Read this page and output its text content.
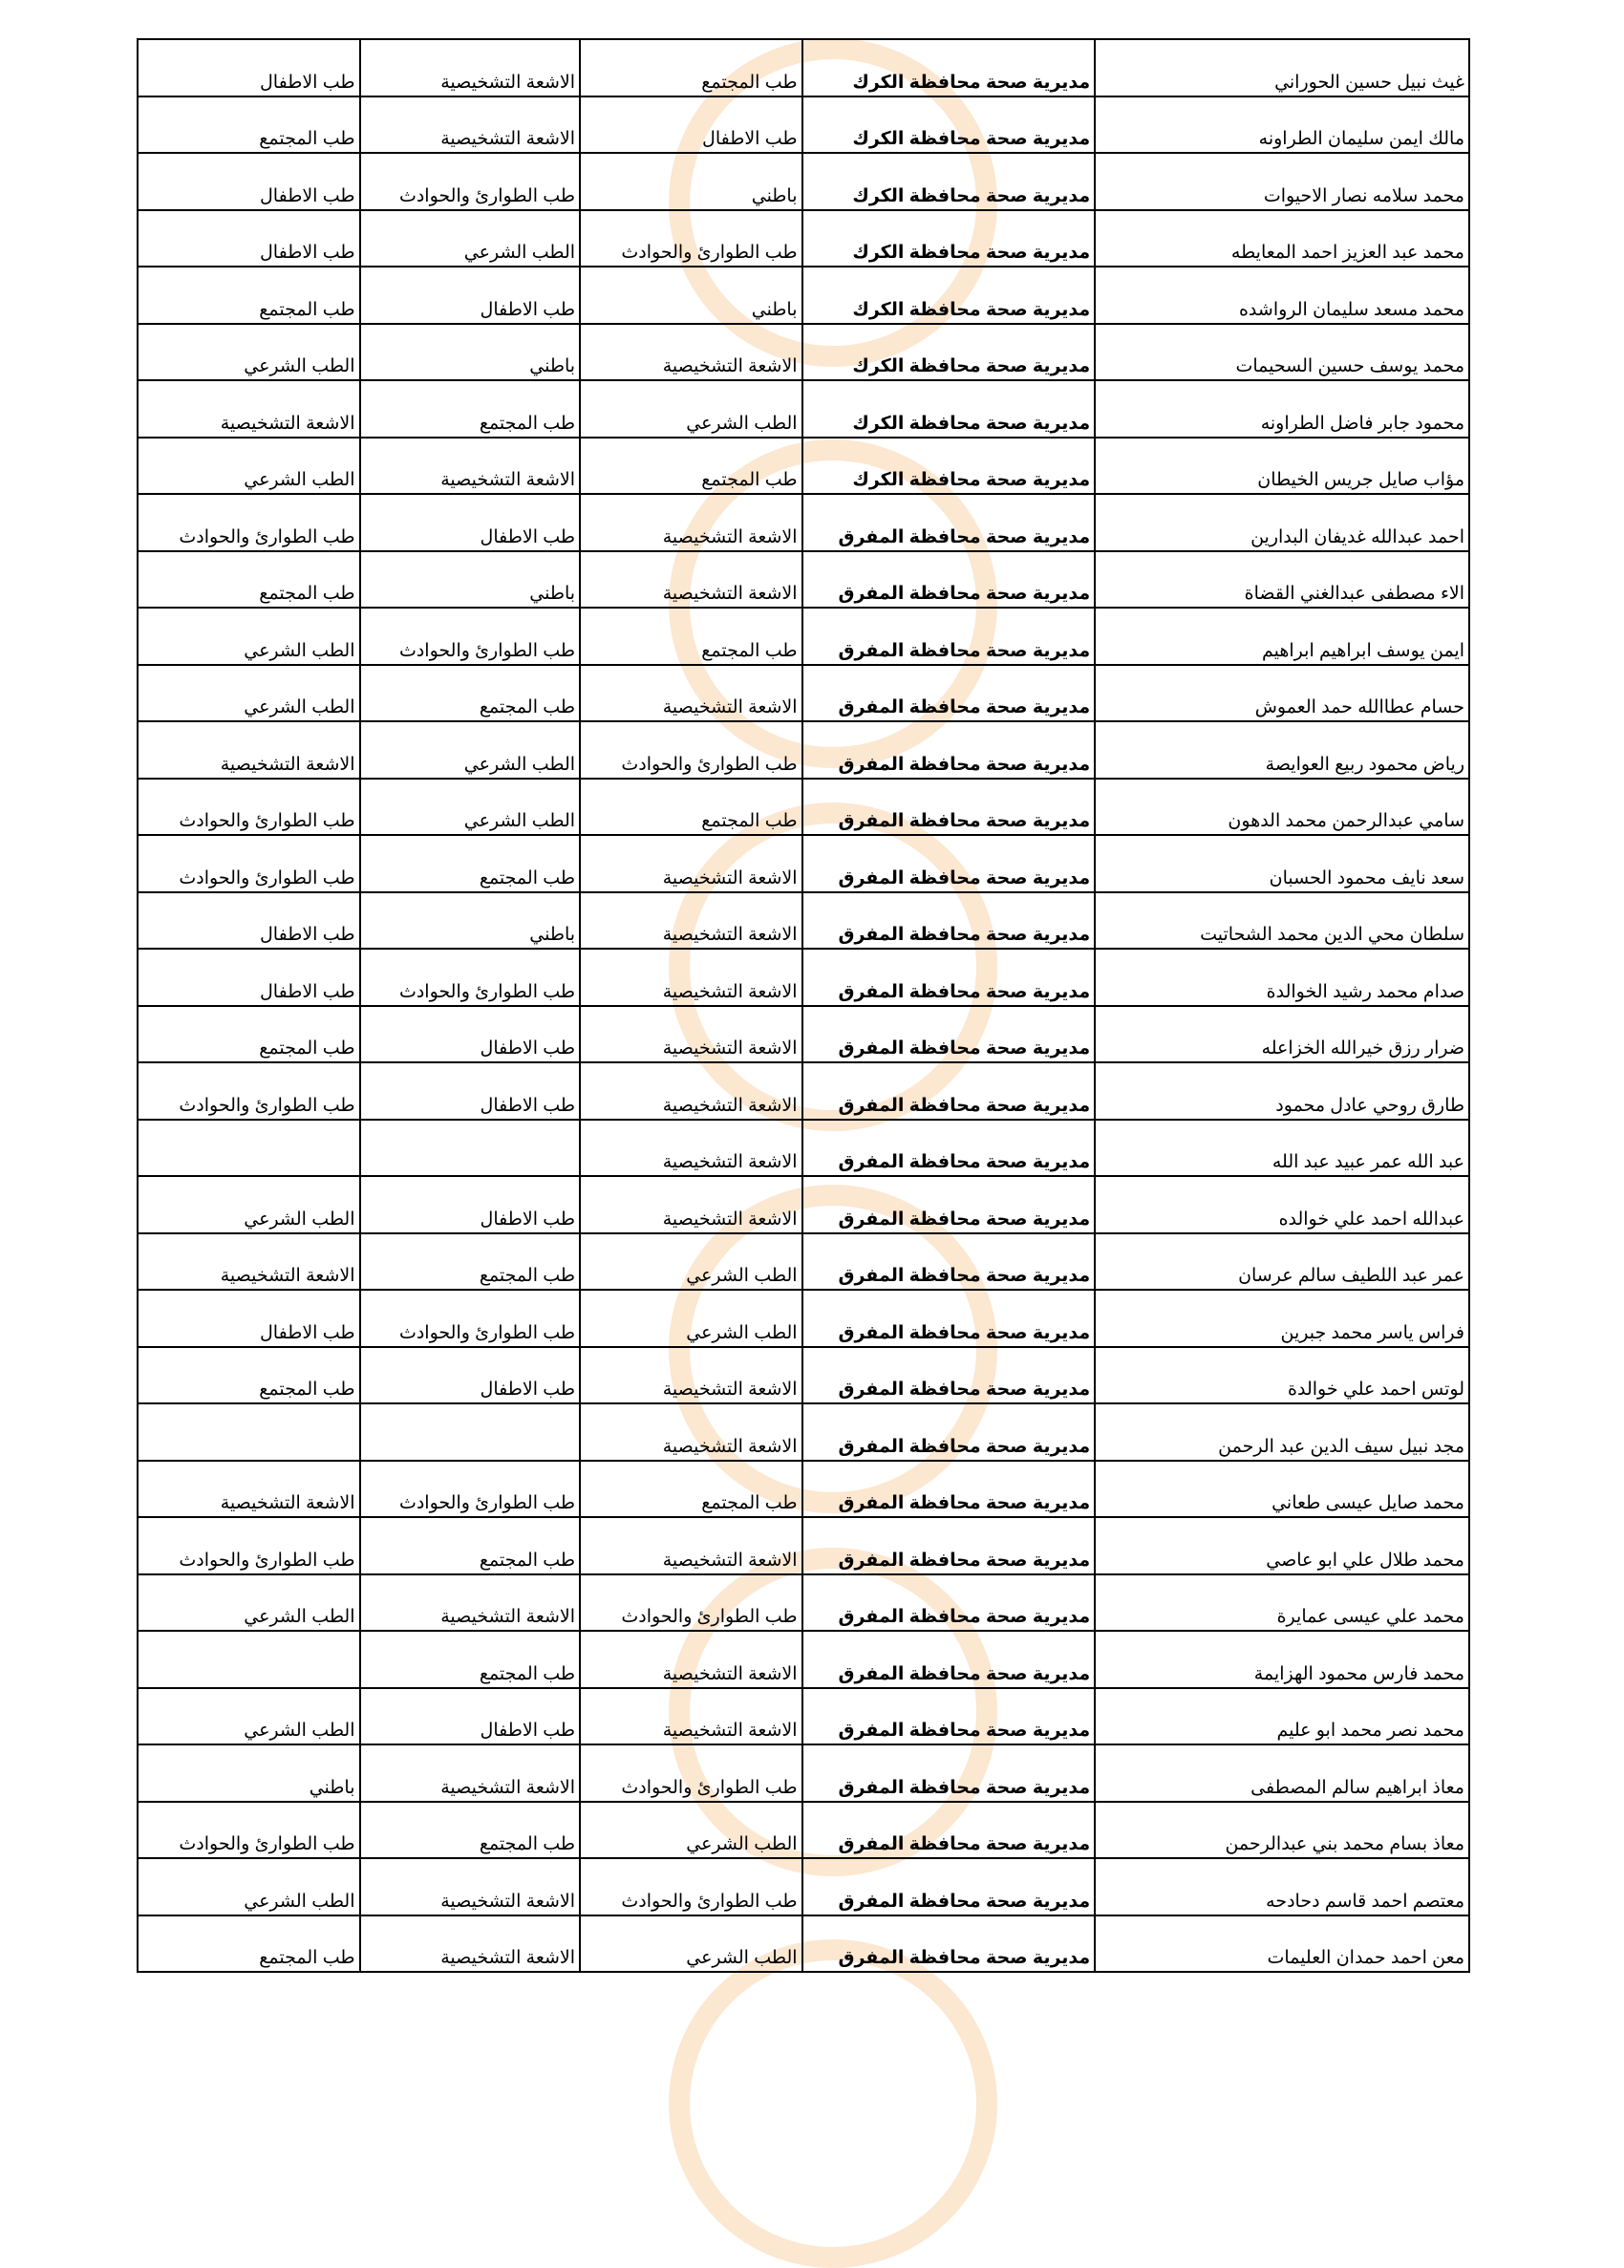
غيث نبيل حسين الحوراني	مديرية صحة محافظة الكرك	طب المجتمع	الاشعة التشخيصية	طب الاطفال
مالك ايمن سليمان الطراونه	مديرية صحة محافظة الكرك	طب الاطفال	الاشعة التشخيصية	طب المجتمع
محمد سلامه نصار الاحيوات	مديرية صحة محافظة الكرك	باطني	طب الطوارئ والحوادث	طب الاطفال
محمد عبد العزيز احمد المعايطه	مديرية صحة محافظة الكرك	طب الطوارئ والحوادث	الطب الشرعي	طب الاطفال
محمد مسعد سليمان الرواشده	مديرية صحة محافظة الكرك	باطني	طب الاطفال	طب المجتمع
محمد يوسف حسين السحيمات	مديرية صحة محافظة الكرك	الاشعة التشخيصية	باطني	الطب الشرعي
محمود جابر فاضل الطراونه	مديرية صحة محافظة الكرك	الطب الشرعي	طب المجتمع	الاشعة التشخيصية
مؤاب صايل جريس الخيطان	مديرية صحة محافظة الكرك	طب المجتمع	الاشعة التشخيصية	الطب الشرعي
احمد عبدالله غديفان البدارين	مديرية صحة محافظة المفرق	الاشعة التشخيصية	طب الاطفال	طب الطوارئ والحوادث
الاء مصطفى عبدالغني القضاة	مديرية صحة محافظة المفرق	الاشعة التشخيصية	باطني	طب المجتمع
ايمن يوسف ابراهيم ابراهيم	مديرية صحة محافظة المفرق	طب المجتمع	طب الطوارئ والحوادث	الطب الشرعي
حسام عطاالله حمد العموش	مديرية صحة محافظة المفرق	الاشعة التشخيصية	طب المجتمع	الطب الشرعي
رياض محمود ربيع العوايصة	مديرية صحة محافظة المفرق	طب الطوارئ والحوادث	الطب الشرعي	الاشعة التشخيصية
سامي عبدالرحمن محمد الدهون	مديرية صحة محافظة المفرق	طب المجتمع	الطب الشرعي	طب الطوارئ والحوادث
سعد نايف محمود الحسبان	مديرية صحة محافظة المفرق	الاشعة التشخيصية	طب المجتمع	طب الطوارئ والحوادث
سلطان محي الدين محمد الشحاتيت	مديرية صحة محافظة المفرق	الاشعة التشخيصية	باطني	طب الاطفال
صدام محمد رشيد الخوالدة	مديرية صحة محافظة المفرق	الاشعة التشخيصية	طب الطوارئ والحوادث	طب الاطفال
ضرار رزق خيرالله الخزاعله	مديرية صحة محافظة المفرق	الاشعة التشخيصية	طب الاطفال	طب المجتمع
طارق روحي عادل محمود	مديرية صحة محافظة المفرق	الاشعة التشخيصية	طب الاطفال	طب الطوارئ والحوادث
عبد الله عمر عبيد عبد الله	مديرية صحة محافظة المفرق	الاشعة التشخيصية		
عبدالله احمد علي خوالده	مديرية صحة محافظة المفرق	الاشعة التشخيصية	طب الاطفال	الطب الشرعي
عمر عبد اللطيف سالم عرسان	مديرية صحة محافظة المفرق	الطب الشرعي	طب المجتمع	الاشعة التشخيصية
فراس ياسر محمد جبرين	مديرية صحة محافظة المفرق	الطب الشرعي	طب الطوارئ والحوادث	طب الاطفال
لوتس احمد علي خوالدة	مديرية صحة محافظة المفرق	الاشعة التشخيصية	طب الاطفال	طب المجتمع
مجد نبيل سيف الدين عبد الرحمن	مديرية صحة محافظة المفرق	الاشعة التشخيصية		
محمد صايل عيسى طعاني	مديرية صحة محافظة المفرق	طب المجتمع	طب الطوارئ والحوادث	الاشعة التشخيصية
محمد طلال علي ابو عاصي	مديرية صحة محافظة المفرق	الاشعة التشخيصية	طب المجتمع	طب الطوارئ والحوادث
محمد علي عيسى عمايرة	مديرية صحة محافظة المفرق	طب الطوارئ والحوادث	الاشعة التشخيصية	الطب الشرعي
محمد فارس محمود الهزايمة	مديرية صحة محافظة المفرق	الاشعة التشخيصية	طب المجتمع	
محمد نصر محمد ابو عليم	مديرية صحة محافظة المفرق	الاشعة التشخيصية	طب الاطفال	الطب الشرعي
معاذ ابراهيم سالم المصطفى	مديرية صحة محافظة المفرق	طب الطوارئ والحوادث	الاشعة التشخيصية	باطني
معاذ بسام محمد بني عبدالرحمن	مديرية صحة محافظة المفرق	الطب الشرعي	طب المجتمع	طب الطوارئ والحوادث
معتصم احمد قاسم دحادحه	مديرية صحة محافظة المفرق	طب الطوارئ والحوادث	الاشعة التشخيصية	الطب الشرعي
معن احمد حمدان العليمات	مديرية صحة محافظة المفرق	الطب الشرعي	الاشعة التشخيصية	طب المجتمع
